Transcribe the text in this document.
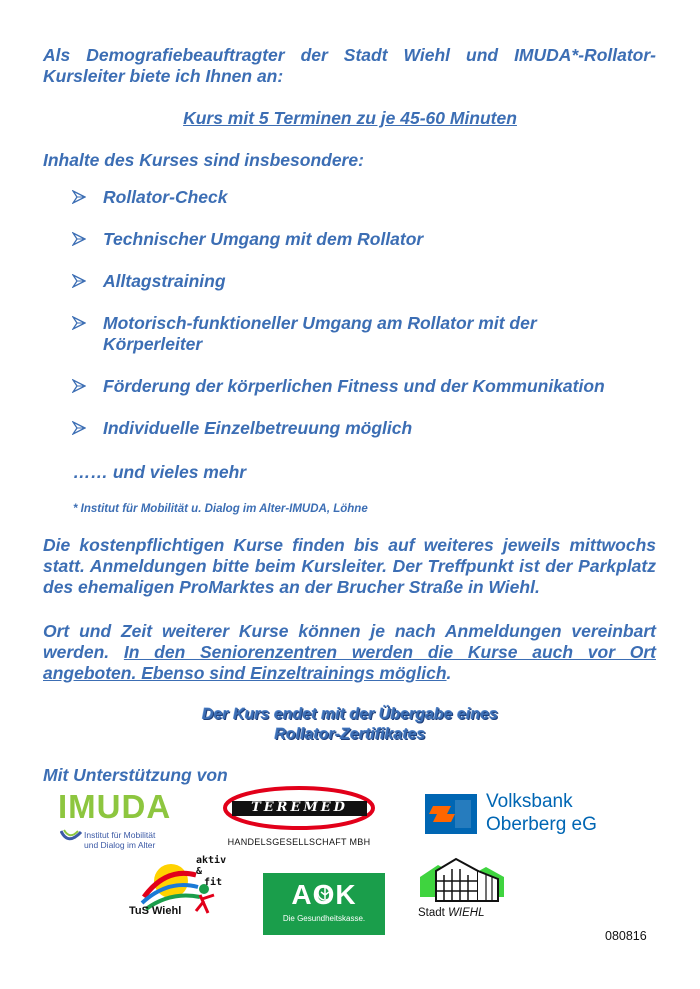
Als Demografiebeauftragter der Stadt Wiehl und IMUDA*-Rollator-Kursleiter biete ich Ihnen an:
Kurs mit 5 Terminen zu je 45-60 Minuten
Inhalte des Kurses sind insbesondere:
Rollator-Check
Technischer Umgang mit dem Rollator
Alltagstraining
Motorisch-funktioneller Umgang am Rollator mit der Körperleiter
Förderung der körperlichen Fitness und der Kommunikation
Individuelle Einzelbetreuung möglich
…… und vieles mehr
* Institut für Mobilität u. Dialog im Alter-IMUDA, Löhne
Die kostenpflichtigen Kurse finden bis auf weiteres jeweils mittwochs statt. Anmeldungen bitte beim Kursleiter. Der Treffpunkt ist der Parkplatz des ehemaligen ProMarktes an der Brucher Straße in Wiehl.
Ort und Zeit weiterer Kurse können je nach Anmeldungen vereinbart werden. In den Seniorenzentren werden die Kurse auch vor Ort angeboten. Ebenso sind Einzeltrainings möglich.
Der Kurs endet mit der Übergabe eines
Rollator-Zertifikates
Mit Unterstützung von
IMUDA
Institut für Mobilität
und Dialog im Alter
TEREMED
HANDELSGESELLSCHAFT MBH
Volksbank
Oberberg eG
aktiv
&
fit
TuS Wiehl
AOK
Die Gesundheitskasse.	Stadt WIEHL
080816
